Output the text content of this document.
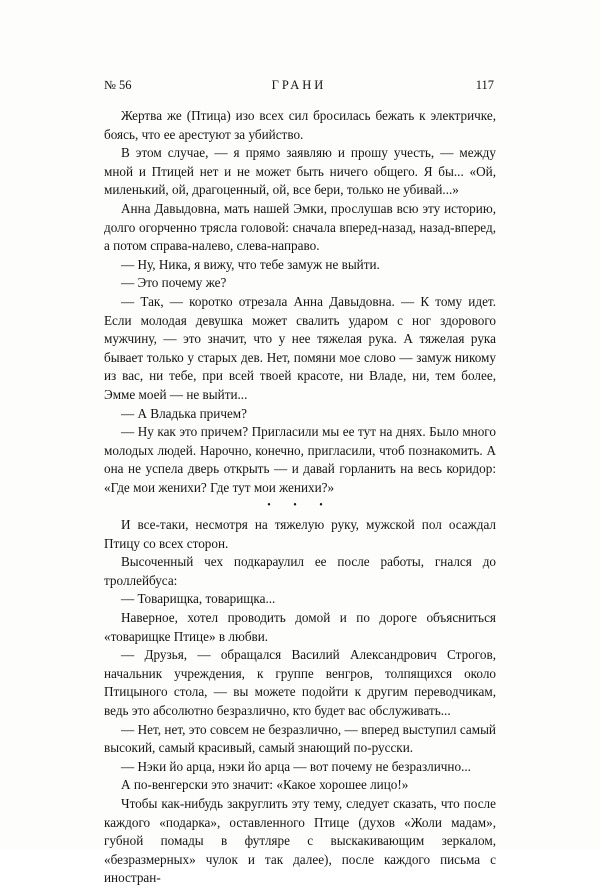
№ 56	ГРАНИ	117

Жертва же (Птица) изо всех сил бросилась бежать к электричке, боясь, что ее арестуют за убийство.

В этом случае, — я прямо заявляю и прошу учесть, — между мной и Птицей нет и не может быть ничего общего. Я бы... «Ой, миленький, ой, драгоценный, ой, все бери, только не убивай...»

Анна Давыдовна, мать нашей Эмки, прослушав всю эту историю, долго огорченно трясла головой: сначала вперед-назад, назад-вперед, а потом справа-налево, слева-направо.

— Ну, Ника, я вижу, что тебе замуж не выйти.

— Это почему же?

— Так, — коротко отрезала Анна Давыдовна. — К тому идет. Если молодая девушка может свалить ударом с ног здорового мужчину, — это значит, что у нее тяжелая рука. А тяжелая рука бывает только у старых дев. Нет, помяни мое слово — замуж никому из вас, ни тебе, при всей твоей красоте, ни Владе, ни, тем более, Эмме моей — не выйти...

— А Владька причем?

— Ну как это причем? Пригласили мы ее тут на днях. Было много молодых людей. Нарочно, конечно, пригласили, чтоб познакомить. А она не успела дверь открыть — и давай горланить на весь коридор: «Где мои женихи? Где тут мои женихи?»

• • •

И все-таки, несмотря на тяжелую руку, мужской пол осаждал Птицу со всех сторон.

Высоченный чех подкараулил ее после работы, гнался до троллейбуса:

— Товарищка, товарищка...

Наверное, хотел проводить домой и по дороге объясниться «товарищке Птице» в любви.

— Друзья, — обращался Василий Александрович Строгов, начальник учреждения, к группе венгров, толпящихся около Птицыного стола, — вы можете подойти к другим переводчикам, ведь это абсолютно безразлично, кто будет вас обслуживать...

— Нет, нет, это совсем не безразлично, — вперед выступил самый высокий, самый красивый, самый знающий по-русски.

— Нэки йо арца, нэки йо арца — вот почему не безразлично...

А по-венгерски это значит: «Какое хорошее лицо!»

Чтобы как-нибудь закруглить эту тему, следует сказать, что после каждого «подарка», оставленного Птице (духов «Жоли мадам», губной помады в футляре с выскакивающим зеркалом, «безразмерных» чулок и так далее), после каждого письма с иностран-
